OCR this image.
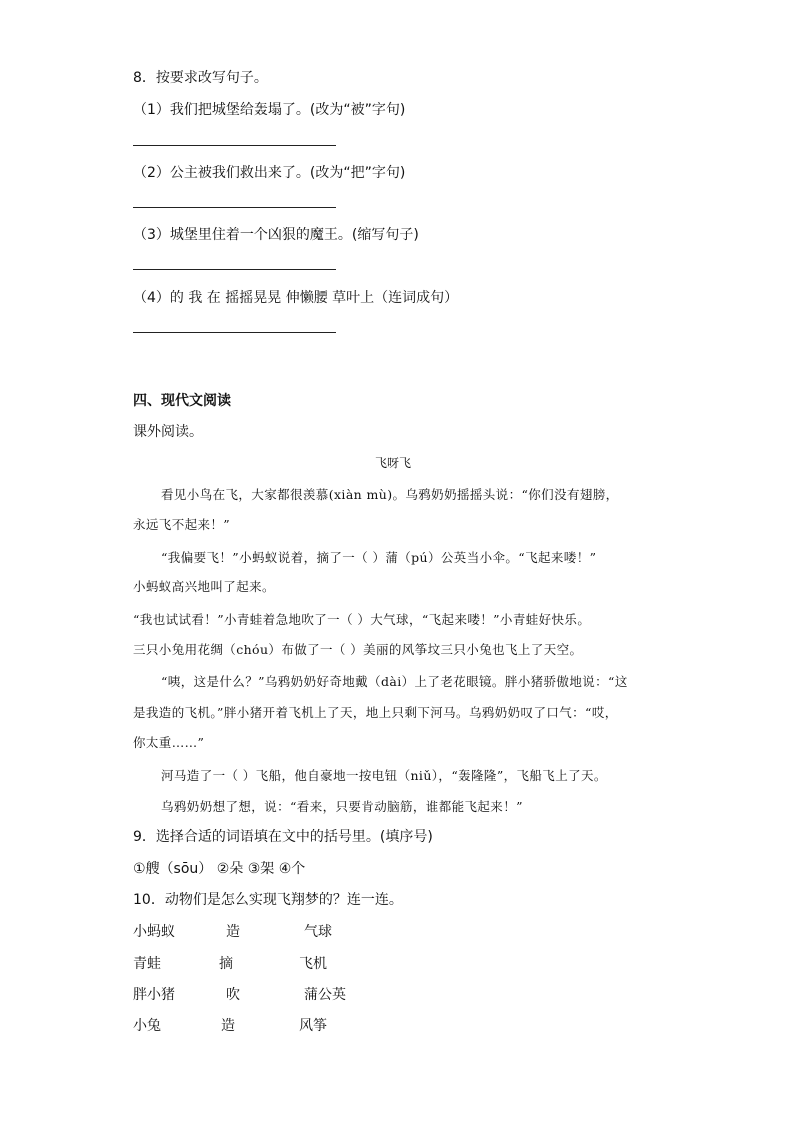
8．按要求改写句子。
（1）我们把城堡给轰塌了。(改为“被”字句)
（2）公主被我们救出来了。(改为“把”字句)
（3）城堡里住着一个凶狠的魔王。(缩写句子)
（4）的 我 在 摇摇晃晃 伸懒腰 草叶上（连词成句）
四、现代文阅读
课外阅读。
飞呀飞
看见小鸟在飞，大家都很羡慕(xiàn mù)。乌鸦奶奶摇摇头说：“你们没有翅膀，
永远飞不起来！”
“我偏要飞！”小蚂蚁说着，摘了一（ ）蒲（pú）公英当小伞。“飞起来喽！”
小蚂蚁高兴地叫了起来。
“我也试试看！”小青蛙着急地吹了一（ ）大气球，“飞起来喽！”小青蛙好快乐。
三只小兔用花绸（chóu）布做了一（ ）美丽的风筝坟三只小兔也飞上了天空。
“咦，这是什么？”乌鸦奶奶好奇地戴（dài）上了老花眼镜。胖小猪骄傲地说：“这
是我造的飞机。”胖小猪开着飞机上了天，地上只剩下河马。乌鸦奶奶叹了口气：“哎，
你太重……”
河马造了一（ ）飞船，他自豪地一按电钮（niǔ），“轰隆隆”，飞船飞上了天。
乌鸦奶奶想了想，说：“看来，只要肯动脑筋，谁都能飞起来！”
9．选择合适的词语填在文中的括号里。(填序号)
①艘（sōu） ②朵 ③架 ④个
10．动物们是怎么实现飞翔梦的？连一连。
小蚂蚁	造	气球
青蛙	摘	飞机
胖小猪	吹	蒲公英
小兔	造	风筝
